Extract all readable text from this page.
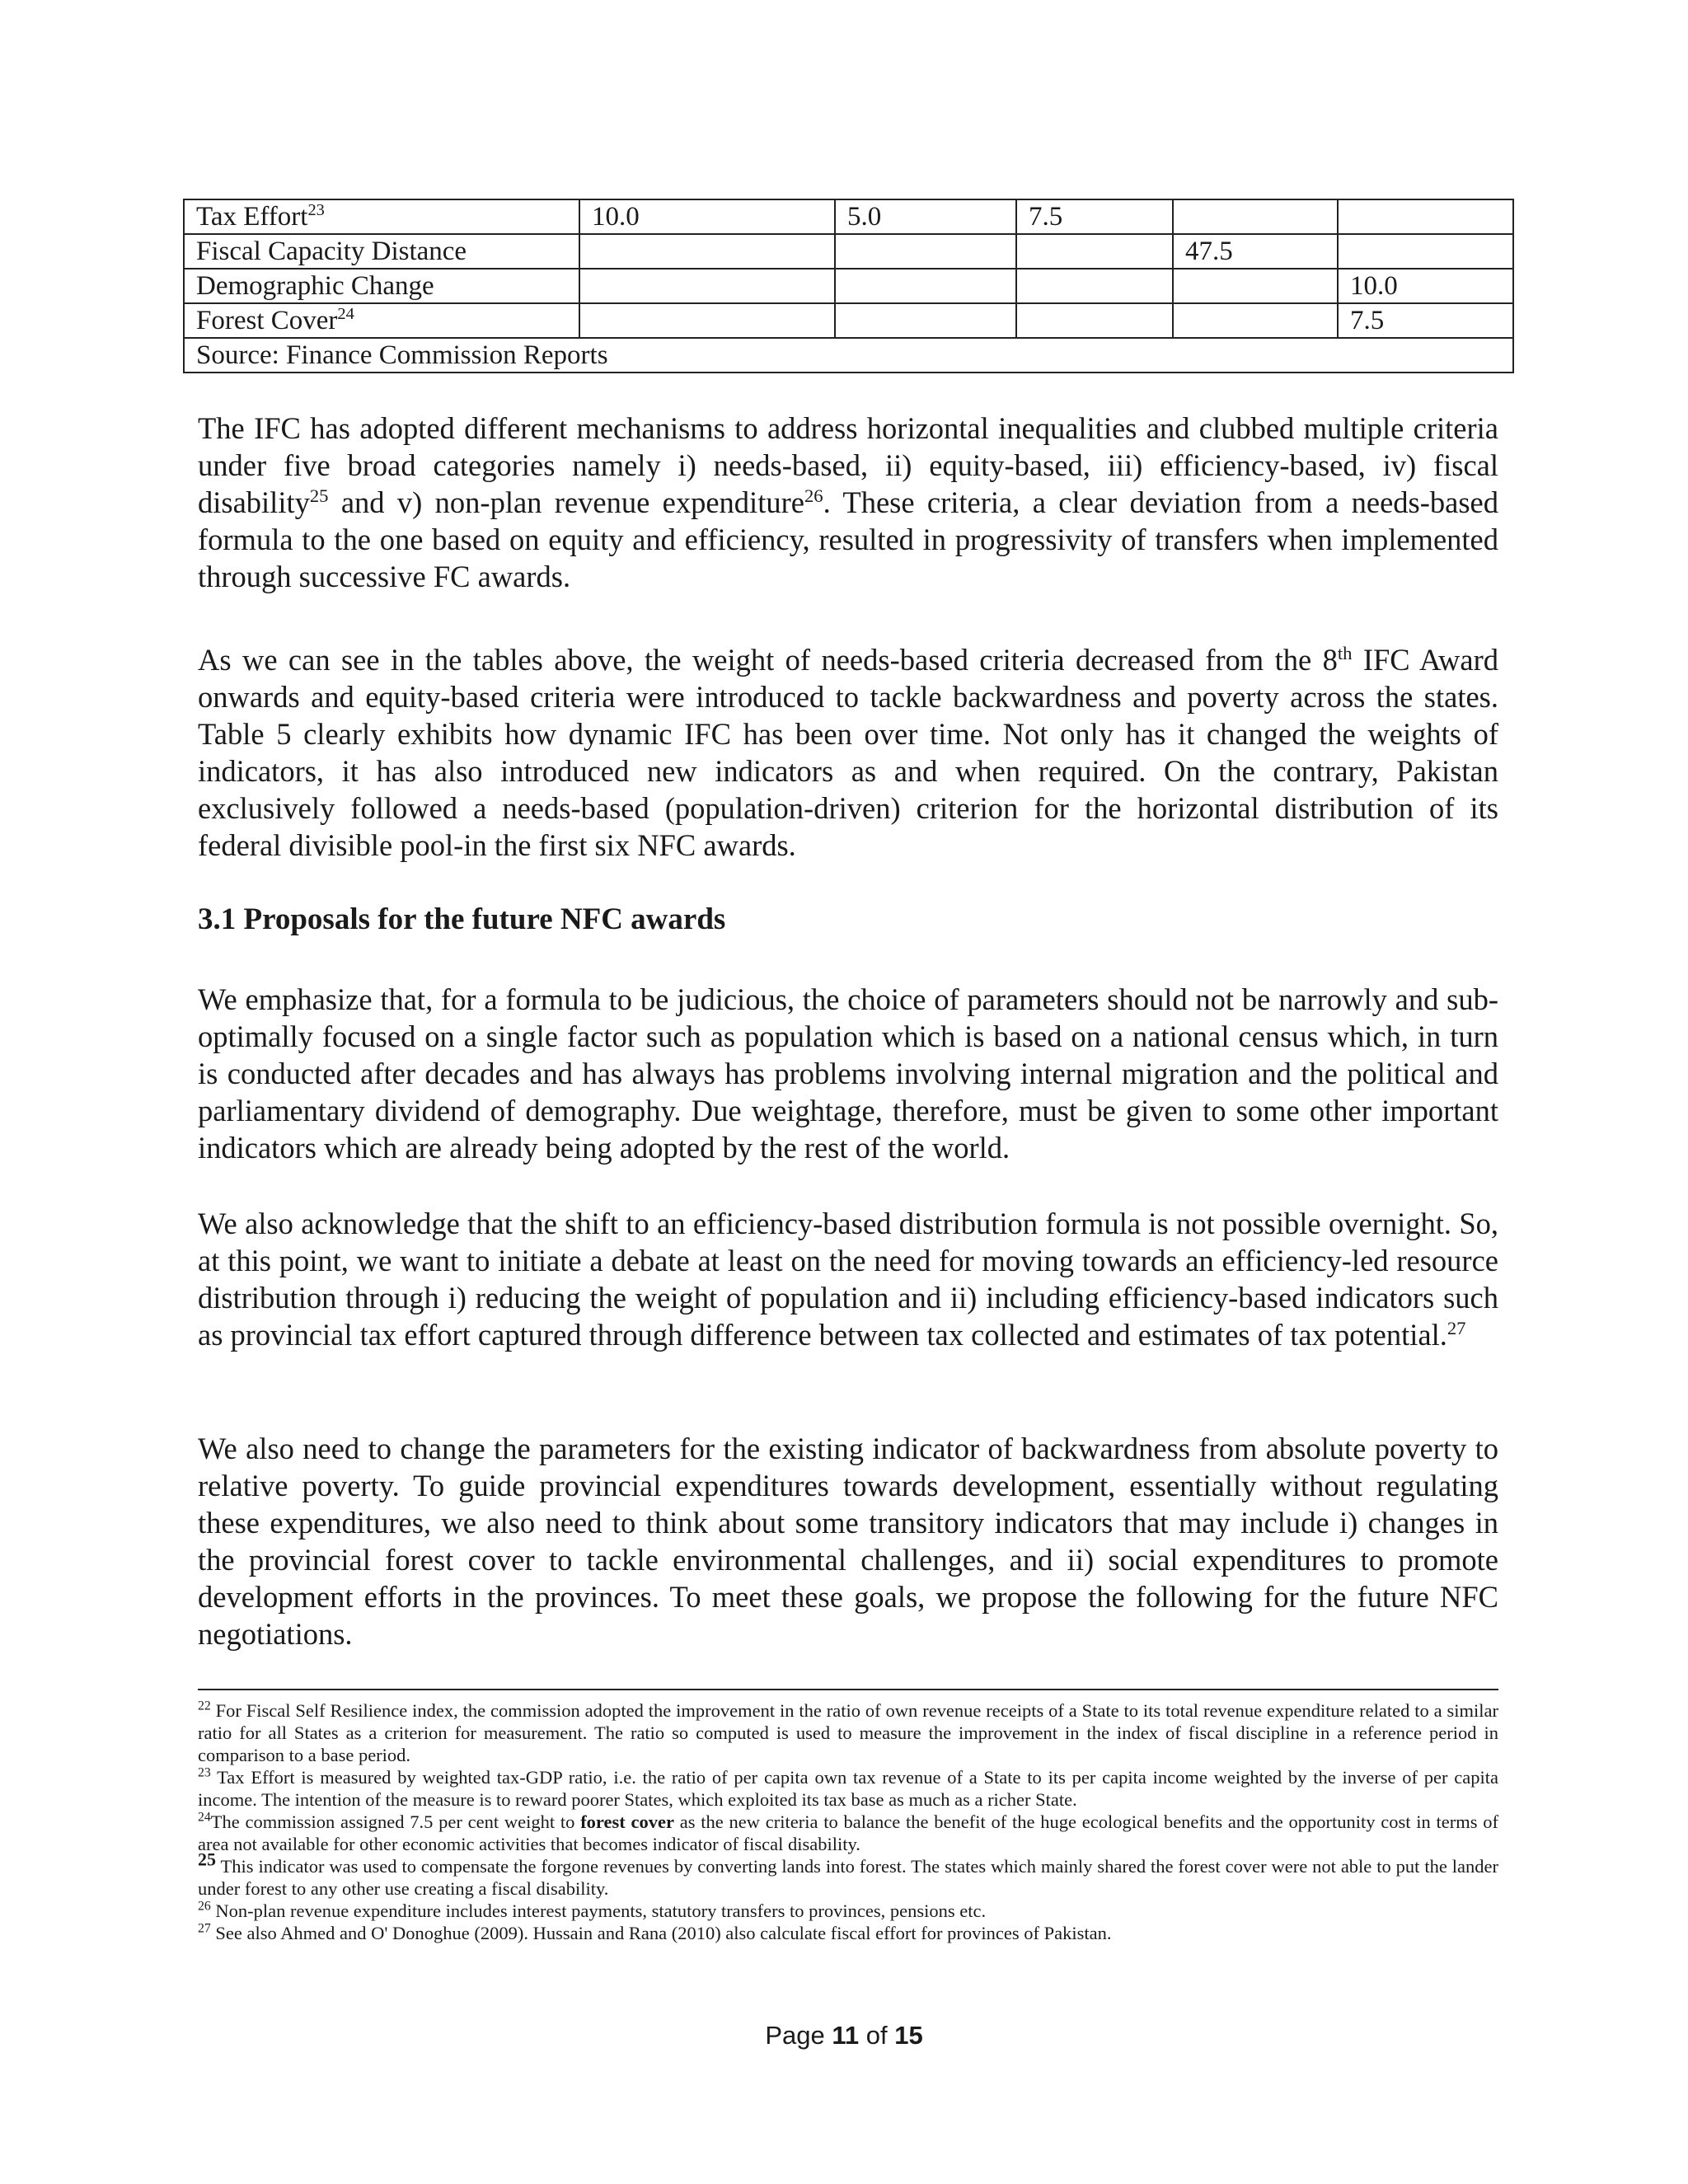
Tax Effort$^{23}$	10.0	5.0	7.5		
Fiscal Capacity Distance				47.5	
Demographic Change					10.0
Forest Cover$^{24}$					7.5
Source: Finance Commission Reports					

The IFC has adopted different mechanisms to address horizontal inequalities and clubbed multiple criteria under five broad categories namely i) needs-based, ii) equity-based, iii) efficiency-based, iv) fiscal disability$^{25}$ and v) non-plan revenue expenditure$^{26}$. These criteria, a clear deviation from a needs-based formula to the one based on equity and efficiency, resulted in progressivity of transfers when implemented through successive FC awards.

As we can see in the tables above, the weight of needs-based criteria decreased from the 8th IFC Award onwards and equity-based criteria were introduced to tackle backwardness and poverty across the states. Table 5 clearly exhibits how dynamic IFC has been over time. Not only has it changed the weights of indicators, it has also introduced new indicators as and when required. On the contrary, Pakistan exclusively followed a needs-based (population-driven) criterion for the horizontal distribution of its federal divisible pool-in the first six NFC awards.

3.1 Proposals for the future NFC awards

We emphasize that, for a formula to be judicious, the choice of parameters should not be narrowly and sub-optimally focused on a single factor such as population which is based on a national census which, in turn is conducted after decades and has always has problems involving internal migration and the political and parliamentary dividend of demography. Due weightage, therefore, must be given to some other important indicators which are already being adopted by the rest of the world.

We also acknowledge that the shift to an efficiency-based distribution formula is not possible overnight. So, at this point, we want to initiate a debate at least on the need for moving towards an efficiency-led resource distribution through i) reducing the weight of population and ii) including efficiency-based indicators such as provincial tax effort captured through difference between tax collected and estimates of tax potential.$^{27}$

We also need to change the parameters for the existing indicator of backwardness from absolute poverty to relative poverty. To guide provincial expenditures towards development, essentially without regulating these expenditures, we also need to think about some transitory indicators that may include i) changes in the provincial forest cover to tackle environmental challenges, and ii) social expenditures to promote development efforts in the provinces. To meet these goals, we propose the following for the future NFC negotiations.

$^{22}$ For Fiscal Self Resilience index, the commission adopted the improvement in the ratio of own revenue receipts of a State to its total revenue expenditure related to a similar ratio for all States as a criterion for measurement. The ratio so computed is used to measure the improvement in the index of fiscal discipline in a reference period in comparison to a base period.

$^{23}$ Tax Effort is measured by weighted tax-GDP ratio, i.e. the ratio of per capita own tax revenue of a State to its per capita income weighted by the inverse of per capita income. The intention of the measure is to reward poorer States, which exploited its tax base as much as a richer State.

$^{24}$The commission assigned 7.5 per cent weight to forest cover as the new criteria to balance the benefit of the huge ecological benefits and the opportunity cost in terms of area not available for other economic activities that becomes indicator of fiscal disability.

25 This indicator was used to compensate the forgone revenues by converting lands into forest. The states which mainly shared the forest cover were not able to put the lander under forest to any other use creating a fiscal disability.

$^{26}$ Non-plan revenue expenditure includes interest payments, statutory transfers to provinces, pensions etc.

$^{27}$ See also Ahmed and O' Donoghue (2009). Hussain and Rana (2010) also calculate fiscal effort for provinces of Pakistan.

Page 11 of 15
